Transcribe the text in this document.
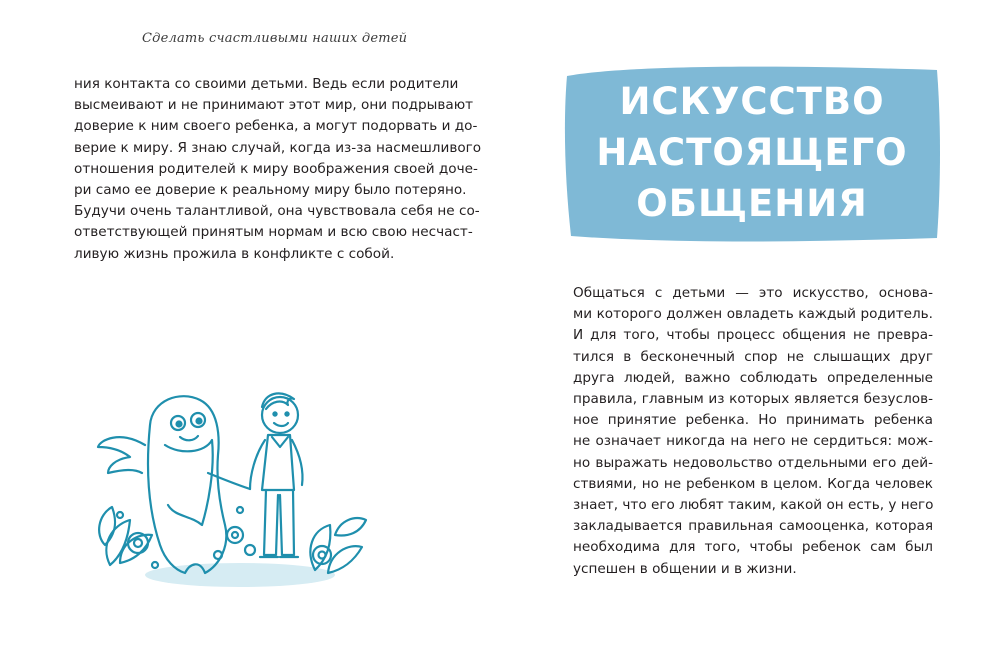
Сделать счастливыми наших детей
ния контакта со своими детьми. Ведь если родители
высмеивают и не принимают этот мир, они подрывают
доверие к ним своего ребенка, а могут подорвать и до-
верие к миру. Я знаю случай, когда из-за насмешливого
отношения родителей к миру воображения своей доче-
ри само ее доверие к реальному миру было потеряно.
Будучи очень талантливой, она чувствовала себя не со-
ответствующей принятым нормам и всю свою несчаст-
ливую жизнь прожила в конфликте с собой.
ИСКУССТВО
НАСТОЯЩЕГО
ОБЩЕНИЯ
Общаться с детьми — это искусство, основа-
ми которого должен овладеть каждый родитель.
И для того, чтобы процесс общения не превра-
тился в бесконечный спор не слышащих друг
друга людей, важно соблюдать определенные
правила, главным из которых является безуслов-
ное принятие ребенка. Но принимать ребенка
не означает никогда на него не сердиться: мож-
но выражать недовольство отдельными его дей-
ствиями, но не ребенком в целом. Когда человек
знает, что его любят таким, какой он есть, у него
закладывается правильная самооценка, которая
необходима для того, чтобы ребенок сам был
успешен в общении и в жизни.
